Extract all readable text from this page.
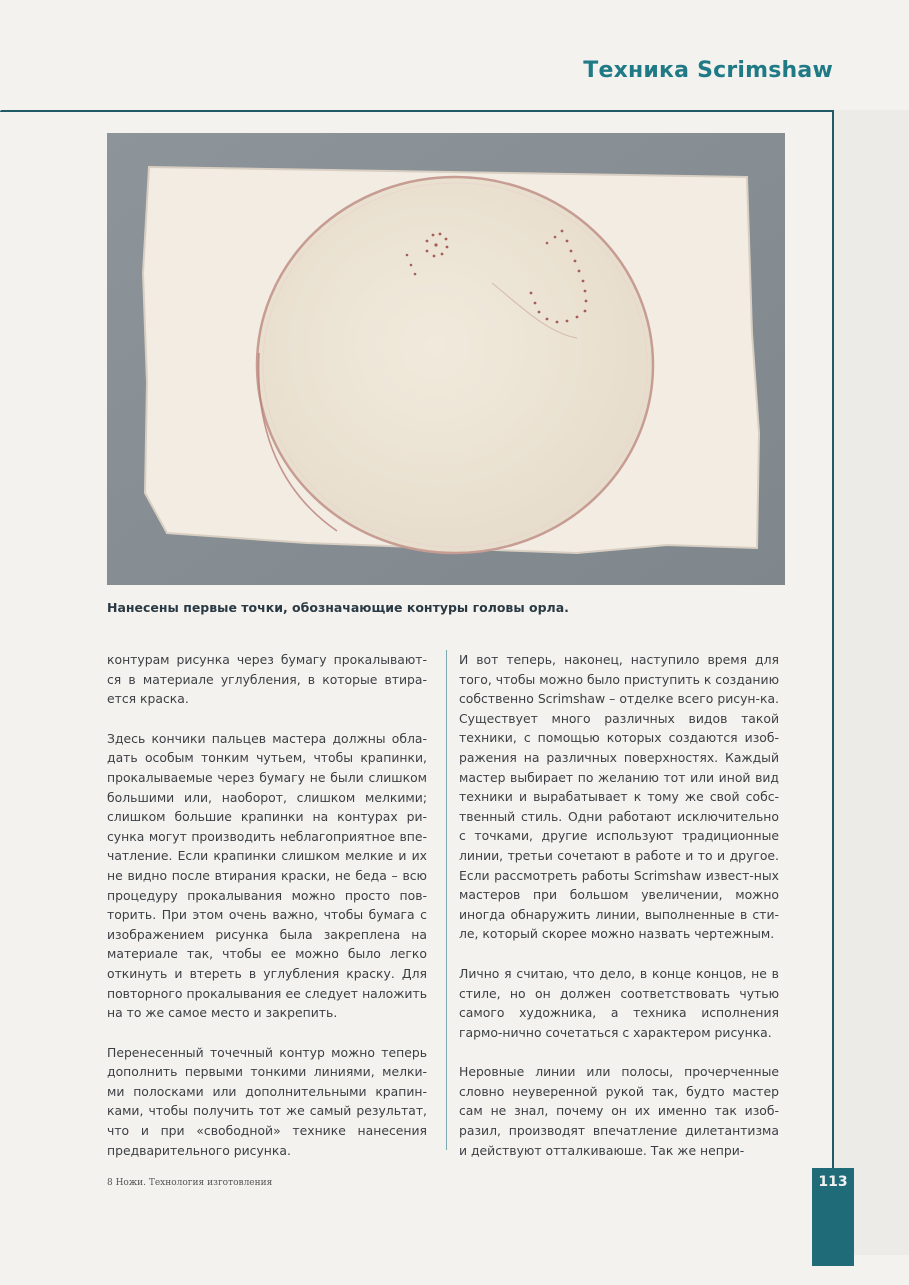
Техника Scrimshaw
Нанесены первые точки, обозначающие контуры головы орла.

контурам рисунка через бумагу прокалывают-ся в материале углубления, в которые втира-ется краска.

Здесь кончики пальцев мастера должны обла-дать особым тонким чутьем, чтобы крапинки, прокалываемые через бумагу не были слишком большими или, наоборот, слишком мелкими; слишком большие крапинки на контурах ри-сунка могут производить неблагоприятное впе-чатление. Если крапинки слишком мелкие и их не видно после втирания краски, не беда – всю процедуру прокалывания можно просто пов-торить. При этом очень важно, чтобы бумага с изображением рисунка была закреплена на материале так, чтобы ее можно было легко откинуть и втереть в углубления краску. Для повторного прокалывания ее следует наложить на то же самое место и закрепить.

Перенесенный точечный контур можно теперь дополнить первыми тонкими линиями, мелки-ми полосками или дополнительными крапин-ками, чтобы получить тот же самый результат, что и при «свободной» технике нанесения предварительного рисунка.

И вот теперь, наконец, наступило время для того, чтобы можно было приступить к созданию собственно Scrimshaw – отделке всего рисун-ка. Существует много различных видов такой техники, с помощью которых создаются изоб-ражения на различных поверхностях. Каждый мастер выбирает по желанию тот или иной вид техники и вырабатывает к тому же свой собс-твенный стиль. Одни работают исключительно с точками, другие используют традиционные линии, третьи сочетают в работе и то и другое. Если рассмотреть работы Scrimshaw извест-ных мастеров при большом увеличении, можно иногда обнаружить линии, выполненные в сти-ле, который скорее можно назвать чертежным.

Лично я считаю, что дело, в конце концов, не в стиле, но он должен соответствовать чутью самого художника, а техника исполнения гармо-нично сочетаться с характером рисунка.

Неровные линии или полосы, прочерченные словно неуверенной рукой так, будто мастер сам не знал, почему он их именно так изоб-разил, производят впечатление дилетантизма и действуют отталкиваюше. Так же непри-

8 Ножи. Технология изготовления	113
